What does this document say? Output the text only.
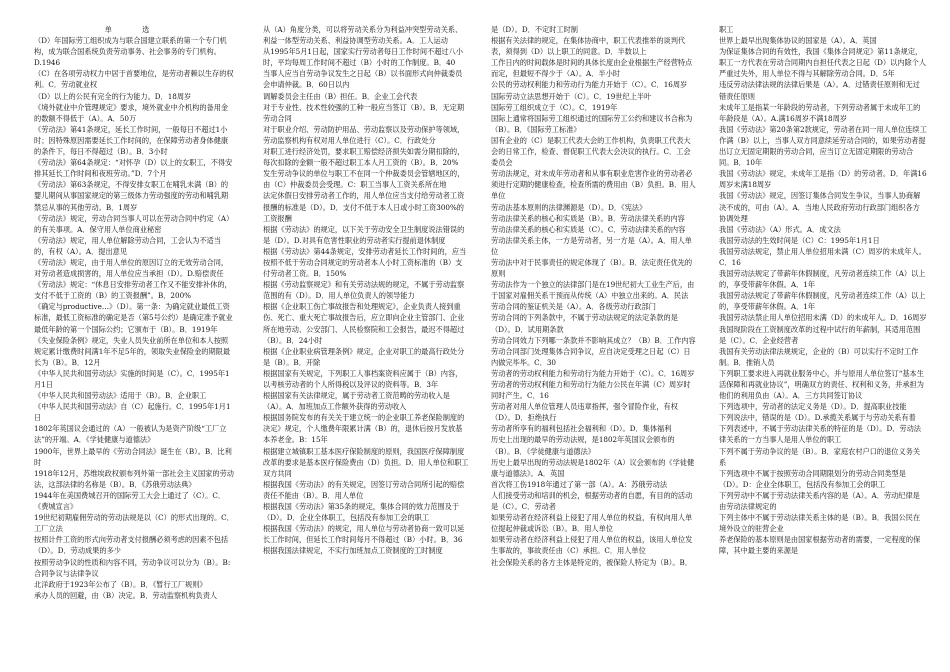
单 选

（D）年国际劳工组织成为与联合国建立联系的第一个专门机构，成为联合国系统负责劳动事务、社会事务的专门机构。D.1946

（C）在各项劳动权力中居于首要地位，是劳动者赖以生存的权利。C．劳动就业权

（D）以上的公民有完全的行为能力。D．18周岁

《境外就业中介管理规定》要求，境外就业中介机构的备用金的数额不得低于（A）。A．50万

《劳动法》第41条规定，延长工作时间，一般每日不超过1小时；因特殊原因需要延长工作时间的，在保障劳动者身体健康的条件下，每日不得超过（B）。B．3小时

《劳动法》第64条规定：“对怀孕（D）以上的女职工，不得安排其延长工作时间和夜班劳动。”D．7个月

《劳动法》第63条规定，不得安排女职工在哺乳未满（B）的婴儿期间从事国家规定的第三级体力劳动强度的劳动和哺乳期禁忌从事的其他劳动。B．1周岁

《劳动法》规定，劳动合同当事人可以在劳动合同中约定（A）的有关事项。A．保守用人单位商业秘密

《劳动法》规定，用人单位解除劳动合同，工会认为不适当的，有权（A）。A．提出意见

《劳动法》规定，由于用人单位的原因订立的无效劳动合同，对劳动者造成损害的，用人单位应当承担（D）。D.赔偿责任

《劳动法》规定：“休息日安排劳动者工作又不能安排补休的，支付不低于工资的（B）的工资报酬”。B．200%

《确定与productive…》（D）。第一条：为确定就业最低工资标准，最低工资标准的确定是否（第5号公约）是确定准予就业最低年龄的第一个国际公约；它颁布于（B）。B．1919年

《失业保险条例》规定，失业人员失业前所在单位和本人按照规定累计缴费时间满1年不足5年的，领取失业保险金的期限最长为（B）。B．12月

《中华人民共和国劳动法》实施的时间是（C）。C．1995年1月1日

《中华人民共和国劳动法》适用于（B）。B．企业职工

《中华人民共和国劳动法》自（C）起施行。C．1995年1月1日

1802年英国议会通过的（A）一般被认为是资产阶级“工厂立法”的开端。A．《学徒健康与道德法》

1900年，世界上最早的《劳动合同法》诞生在（B）。B．比利时

1918年12月，苏维埃政权颁布列外第一部社会主义国家的劳动法，这部法律的名称是（B）。B．《苏俄劳动法典》

1944年在美国费城召开的国际劳工大会上通过了（C）。C．《费城宣言》

19世纪初期雇佣劳动的劳动法规是以（C）的形式出现的。C．工厂立法

按照计件工资的形式向劳动者支付报酬必须考虑的因素不包括（D）。D．劳动成果的多少

按照劳动争议的性质和内容不同，劳动争议可以分为（B）。B:合同争议与法律争议

北洋政府于1923年公布了（B）。B．《暂行工厂规则》

承办人员的回避，由（B）决定。B．劳动监察机构负责人

从（A）角度分类，可以将劳动关系分为利益冲突型劳动关系、利益一体型劳动关系、利益协调型劳动关系。A．工人运动

从1995年5月1日起，国家实行劳动者每日工作时间不超过八小时，平均每周工作时间不超过（B）小时的工作制度。B．40

当事人应当自劳动争议发生之日起（B）以书面形式向仲裁委员会申请仲裁。B．60日以内

调解委员会主任由（B）担任。B．企业工会代表

对于专业性、技术性较强的工种一般应当签订（B）。B．无定期劳动合同

对于职业介绍、劳动防护用品、劳动监察以及劳动保护等领域，劳动监察机构有权对用人单位进行（C）。C．行政处分

对职工进行经济处罚，要求职工赔偿经济损失如需分期扣除的，每次扣除的金额一般不超过职工本人月工资的（B）。B．20%

发生劳动争议的单位与职工不在同一个仲裁委员会管辖地区的，由（C）仲裁委员会受理。C：职工当事人工资关系所在地

法定休假日安排劳动者工作的，用人单位应当支付给劳动者工资报酬的标准是（D）。D．支付不低于本人日或小时工资300%的工资报酬

根据《劳动法》的规定，以下关于劳动安全卫生制度说法错误的是（D）。D.对具有危害性职业的劳动者实行提前退休制度

根据《劳动法》第44条规定，安排劳动者延长工作时间的，应当按照不低于劳动合同规定的劳动者本人小时工资标准的（B）支付劳动者工资。B．150%

根据《劳动监察规定》和有关劳动法规的规定，不属于劳动监察范围的有（D）。D．用人单位负责人的领导能力

根据《企业职工伤亡事故报告和处理规定》，企业负责人接到重伤、死亡、重大死亡事故报告后，应立即向企业主管部门、企业所在地劳动、公安部门、人民检察院和工会报告，最迟不得超过（B）。B．24小时

根据《企业职业病管理条例》规定，企业对职工的最高行政处分是（B）。B．开除

根据国家有关规定，下列职工人事档案资料应属于（B）内容，以考核劳动者的个人所得税以及评议的资料等。B．3年

根据国家有关法律规定，属于劳动者工资范畴的劳动收入是（A）。A．加班加点工作额外获得的劳动收入

根据国务院发布的有关关于建立统一的企业职工养老保险制度的决定》规定，个人缴费年限累计满（B）的，退休后按月发放基本养老金。B：15年

根据建立城镇职工基本医疗保险制度的原则，我国医疗保障制度改革的要求是基本医疗保险费由（D）负担。D．用人单位和职工双方共同

根据我国《劳动法》的有关规定，因签订劳动合同所引起的赔偿责任不能由（B）。B．用人单位

根据我国《劳动法》第35条的规定，集体合同的效力范围及于（D）。D．企业全体职工，包括没有参加工会的职工

根据我国《劳动法》的规定，用人单位与劳动者协商一致可以延长工作时间，但延长工作时间每月不得超过（B）小时。B．36

根据我国法律规定，不实行加班加点工资制度的工时制度

是（D）。D．不定时工时制

根据有关法律的规定，在集体协商中，职工代表推举的谈判代表，须得到（D）以上职工的同意。D．半数以上

工作日内的时间载体是时间的具体长度由企业根据生产经营特点而定，但最短不得少于（A）。A．半小时

公民的劳动权利能力和劳动行为能力开始于（C）。C．16周岁

国际劳动立法思想开始于（C）。C．19世纪上半叶

国际劳工组织成立于（C）。C．1919年

国际上通常将国际劳工组织通过的国际劳工公约和建议书合称为（B）。B．《国际劳工标准》

国有企业的（C）是职工代表大会的工作机构，负责职工代表大会的日常工作，检查、督促职工代表大会决议的执行。C．工会委员会

劳动法规定，对未成年劳动者和从事有职业危害作业的劳动者必须进行定期的健康检查，检查所需的费用由（B）负担。B．用人单位

劳动法基本原则的法律渊源是（D）。D．《宪法》

劳动法律关系的核心和实质是（B）。B．劳动法律关系的内容

劳动法律关系的核心和实质是（C）。C．劳动法律关系的内容

劳动法律关系主体，一方是劳动者，另一方是（A）。A．用人单位

劳动法中对于民事责任的规定体现了（B）。B．法定责任优先的原则

劳动法作为一个独立的法律部门是在19世纪初大工业生产后，由于国家对雇佣关系干预而从传统（A）中独立出来的。A．民法

劳动合同的鉴证机关是（A）。A．各级劳动行政部门

劳动合同的下列条款中，不属于劳动法规定的法定条款的是（D）。D．试用期条款

劳动合同效力下列哪一条款并不影响其成立？（B）B．工作内容

劳动合同部门处理集体合同争议，应自决定受理之日起（C）日内做完毕毕。C．30

劳动者的劳动权利能力和劳动行为能力开始于（C）。C．16周岁

劳动者的劳动权利能力和劳动行为能力公民在年满（C）周岁时同时产生。C．16

劳动者对用人单位管理人员违章指挥，强令冒险作业，有权（D）。D．拒绝执行

劳动者所享有的福利包括社会福利和（D）。D．集体福利

历史上出现的最早的劳动法规，是1802年英国议会颁布的（B）。B．《学徒健康与道德法》

历史上最早出现的劳动法规是1802年（A）议会颁布的《学徒健康与道德法》。A．英国

首次将工伤1918年通过了第一部（A）。A：苏俄劳动法

人们接受劳动和培训的机会，根据劳动者的自愿，有目的的活动是（C）。C．劳动者

如果劳动者在经济利益上侵犯了用人单位的权益，有权向用人单位提起仲裁或诉讼（B）。B．用人单位

如果劳动者在经济利益上侵犯了用人单位的权益，该用人单位发生事故的，事故责任由（C）承担。C．用人单位

社会保险关系的各方主体是特定的，被保险人特定为（B）。B．

职工

世界上最早出现集体协议的国家是（A）。A．英国

为保证集体合同的有效性，我国《集体合同规定》第11条规定，职工一方代表在劳动合同期内自担任代表之日起（D）以内除个人严重过失外，用人单位不得与其解除劳动合同。D．5年

违反劳动法律法规的法律后果是（A）。A．过错责任原则和无过错责任原则

未成年工是指某一年龄段的劳动者，下列劳动者属于未成年工的年龄段是（A）。A.满16周岁不满18周岁

我国《劳动法》第20条第2款规定，劳动者在同一用人单位连续工作满（B）以上，当事人双方同意续延劳动合同的，如果劳动者提出订立无固定期限的劳动合同，应当订立无固定期限的劳动合同。B．10年

我国《劳动法》规定，未成年工是指（D）的劳动者。D．年满16周岁未满18周岁

我国《劳动法》规定，因签订集体合同发生争议，当事人协商解决不成的，可由（A）。A．当地人民政府劳动行政部门组织各方协调处理

我国《劳动法》（A）形式。A．成文法

我国劳动法的生效时间是（C）C：1995年1月1日

我国劳动法规定，禁止用人单位招用未满（C）周岁的未成年人。C．16

我国劳动法规定了带薪年休假制度，凡劳动者连续工作（A）以上的，享受带薪年休假。A．1年

我国劳动法规定了带薪年休假制度，凡劳动者连续工作（A）以上的，享受带薪年休假。A．1年

我国劳动法禁止用人单位招用未满（D）的未成年人。D．16周岁

我国现阶段在工资制度改革的过程中试行的年薪制，其适用范围是（C）。C．企业经营者

我国有关劳动法律法规规定，企业的（B）可以实行不定时工作制。B．推销人员

下列职工要求进入再就业服务中心，并与原用人单位签订“基本生活保障和再就业协议”，明确双方的责任、权利和义务，并承担为他们的利用负由（A）。A．三方共同签订协议

下列选项中，劳动者的法定义务是（D）。D．提高职业技能

下列说法中，错误的是（D）。D.承揽关系属于与劳动关系有着

下列表述中，不属于劳动法律关系的特征的是（D）。D．劳动法律关系的一方当事人是用人单位的职工

下列不属于劳动争议的是（B）。B．家庭农村户口的退位义务关系

下列选项中不属于按照劳动合同期限划分的劳动合同类型是（D）。D：企业全体职工，包括没有参加工会的职工

下列劳动中不属于劳动法律关系内容的是（A）。A．劳动纪律是由劳动法律规定的

下列主体中不属于劳动法律关系主体的是（B）。B．我国公民在境外设立的驻营企业

养老保险的基本原则是由国家根据劳动者的需要，一定程度的保障，其中最主要的来源是
